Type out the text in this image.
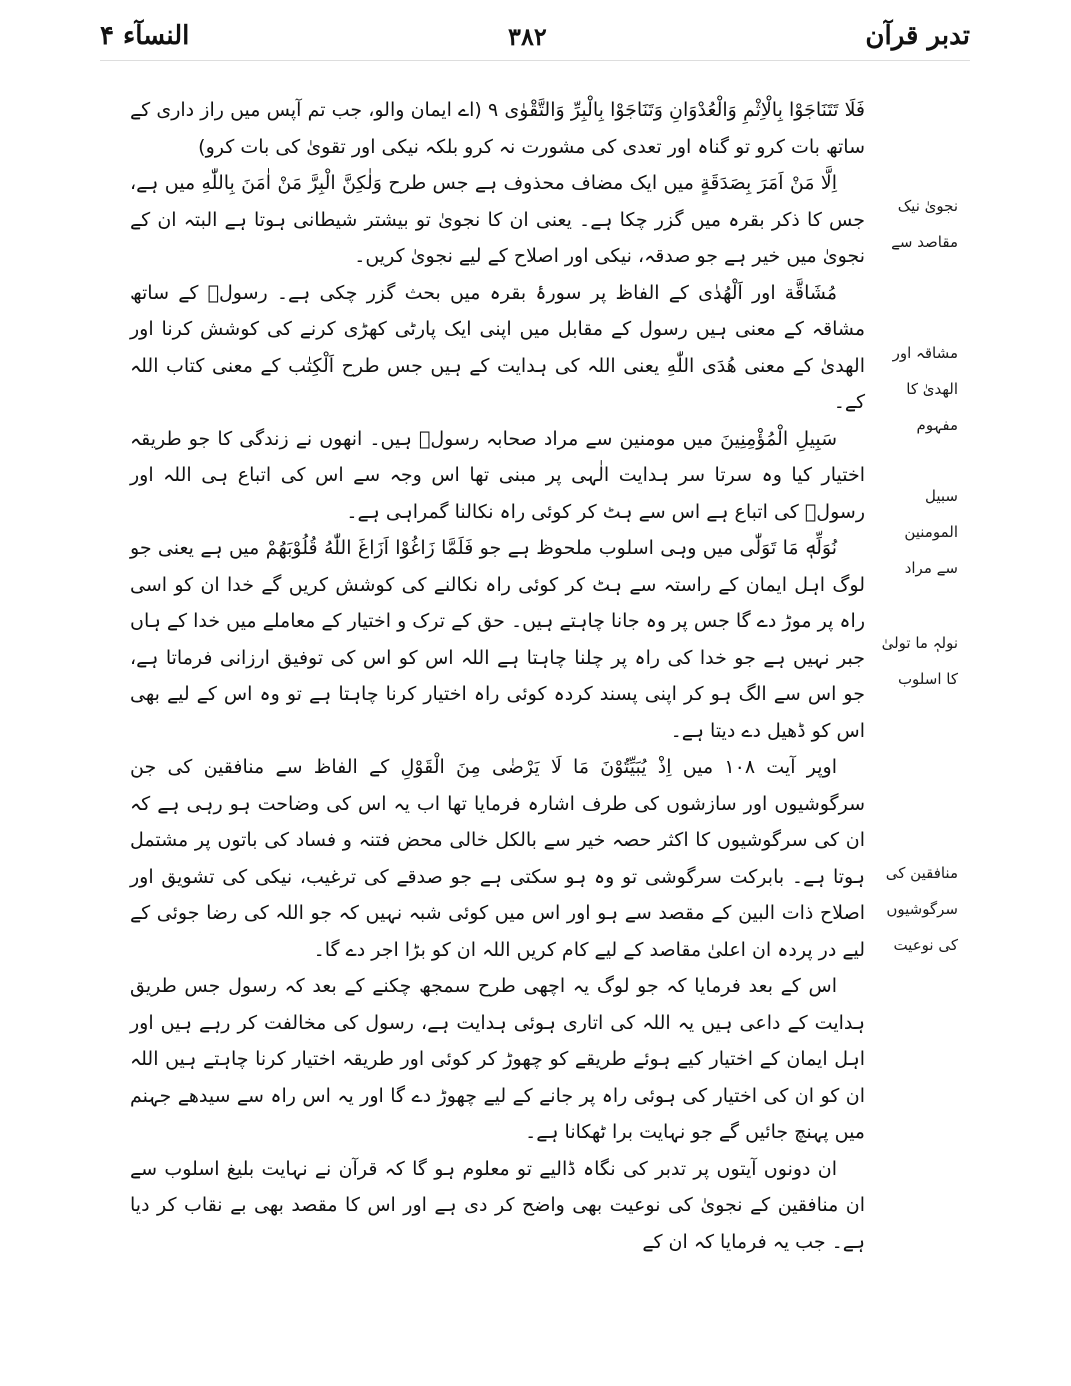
تدبر قرآن
۳۸۲
النسآء ۴

فَلَا تَتَنَاجَوْا بِالْاِثْمِ وَالْعُدْوَانِ وَتَنَاجَوْا بِالْبِرِّ وَالتَّقْوٰی ۹ (اے ایمان والو، جب تم آپس میں راز داری کے ساتھ بات کرو تو گناہ اور تعدی کی مشورت نہ کرو بلکہ نیکی اور تقویٰ کی بات کرو)

اِلَّا مَنْ اَمَرَ بِصَدَقَةٍ میں ایک مضاف محذوف ہے جس طرح وَلٰكِنَّ الْبِرَّ مَنْ اٰمَنَ بِاللّٰهِ میں ہے، جس کا ذکر بقرہ میں گزر چکا ہے۔ یعنی ان کا نجویٰ تو بیشتر شیطانی ہوتا ہے البتہ ان کے نجویٰ میں خیر ہے جو صدقہ، نیکی اور اصلاح کے لیے نجویٰ کریں۔

مُشَاقَّة اور اَلْهُدٰی کے الفاظ پر سورۂ بقرہ میں بحث گزر چکی ہے۔ رسولؐ کے ساتھ مشاقہ کے معنی ہیں رسول کے مقابل میں اپنی ایک پارٹی کھڑی کرنے کی کوشش کرنا اور الھدیٰ کے معنی هُدَی اللّٰهِ یعنی اللہ کی ہدایت کے ہیں جس طرح اَلْكِتٰب کے معنی کتاب اللہ کے۔

سَبِيلِ الْمُؤْمِنِينَ میں مومنین سے مراد صحابہ رسولؐ ہیں۔ انھوں نے زندگی کا جو طریقہ اختیار کیا وہ سرتا سر ہدایت الٰہی پر مبنی تھا اس وجہ سے اس کی اتباع ہی اللہ اور رسولؐ کی اتباع ہے اس سے ہٹ کر کوئی راہ نکالنا گمراہی ہے۔

نُوَلِّهٖ مَا تَوَلّٰى میں وہی اسلوب ملحوظ ہے جو فَلَمَّا زَاغُوْا اَزَاغَ اللّٰهُ قُلُوْبَهُمْ میں ہے یعنی جو لوگ اہل ایمان کے راستہ سے ہٹ کر کوئی راہ نکالنے کی کوشش کریں گے خدا ان کو اسی راہ پر موڑ دے گا جس پر وہ جانا چاہتے ہیں۔ حق کے ترک و اختیار کے معاملے میں خدا کے ہاں جبر نہیں ہے جو خدا کی راہ پر چلنا چاہتا ہے اللہ اس کو اس کی توفیق ارزانی فرماتا ہے، جو اس سے الگ ہو کر اپنی پسند کردہ کوئی راہ اختیار کرنا چاہتا ہے تو وہ اس کے لیے بھی اس کو ڈھیل دے دیتا ہے۔

اوپر آیت ۱۰۸ میں اِذْ يُبَيِّتُوْنَ مَا لَا يَرْضٰى مِنَ الْقَوْلِ کے الفاظ سے منافقین کی جن سرگوشیوں اور سازشوں کی طرف اشارہ فرمایا تھا اب یہ اس کی وضاحت ہو رہی ہے کہ ان کی سرگوشیوں کا اکثر حصہ خیر سے بالکل خالی محض فتنہ و فساد کی باتوں پر مشتمل ہوتا ہے۔ بابرکت سرگوشی تو وہ ہو سکتی ہے جو صدقے کی ترغیب، نیکی کی تشویق اور اصلاح ذات البین کے مقصد سے ہو اور اس میں کوئی شبہ نہیں کہ جو اللہ کی رضا جوئی کے لیے در پردہ ان اعلیٰ مقاصد کے لیے کام کریں اللہ ان کو بڑا اجر دے گا۔

اس کے بعد فرمایا کہ جو لوگ یہ اچھی طرح سمجھ چکنے کے بعد کہ رسول جس طریق ہدایت کے داعی ہیں یہ اللہ کی اتاری ہوئی ہدایت ہے، رسول کی مخالفت کر رہے ہیں اور اہل ایمان کے اختیار کیے ہوئے طریقے کو چھوڑ کر کوئی اور طریقہ اختیار کرنا چاہتے ہیں اللہ ان کو ان کی اختیار کی ہوئی راہ پر جانے کے لیے چھوڑ دے گا اور یہ اس راہ سے سیدھے جہنم میں پہنچ جائیں گے جو نہایت برا ٹھکانا ہے۔

ان دونوں آیتوں پر تدبر کی نگاہ ڈالیے تو معلوم ہو گا کہ قرآن نے نہایت بلیغ اسلوب سے ان منافقین کے نجویٰ کی نوعیت بھی واضح کر دی ہے اور اس کا مقصد بھی بے نقاب کر دیا ہے۔ جب یہ فرمایا کہ ان کے

نجویٰ نیک مقاصد سے
مشاقہ اور الھدیٰ کا مفہوم
سبیل المومنین سے مراد
نولہٖ ما تولیٰ کا اسلوب
منافقین کی سرگوشیوں کی نوعیت
